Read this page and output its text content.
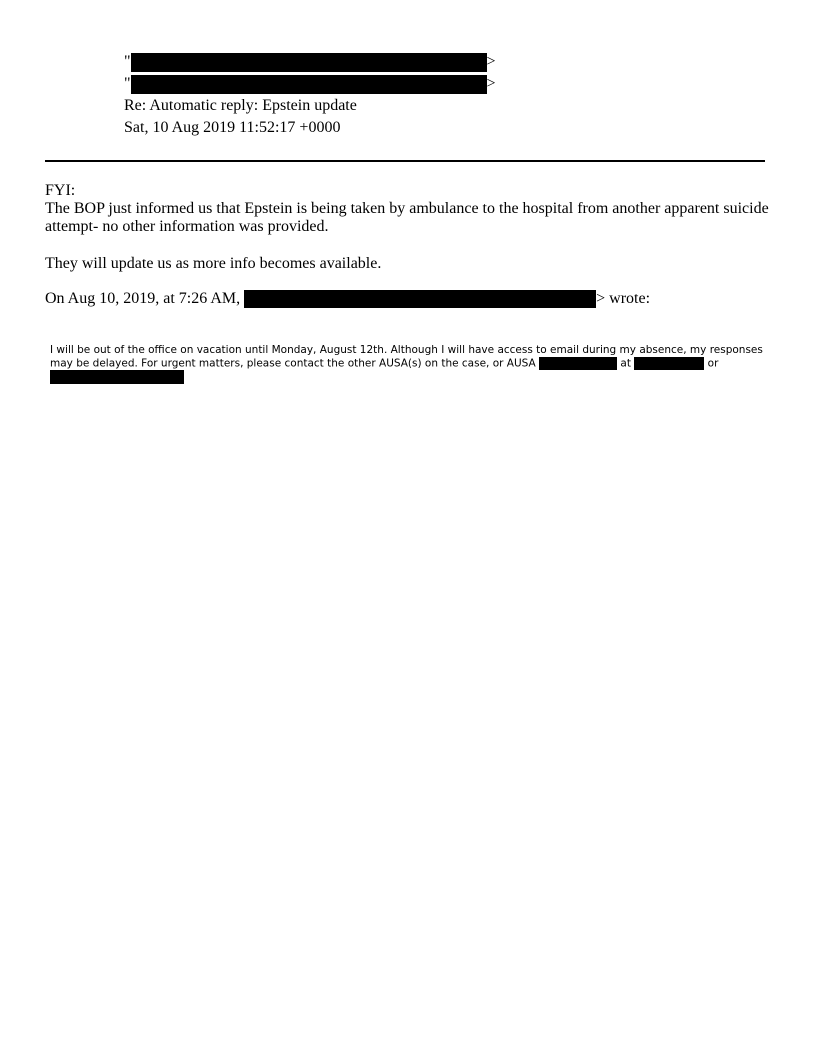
"	>
"	>
Re: Automatic reply: Epstein update
Sat, 10 Aug 2019 11:52:17 +0000
FYI:
The BOP just informed us that Epstein is being taken by ambulance to the hospital from another apparent suicide attempt- no other information was provided.
They will update us as more info becomes available.
On Aug 10, 2019, at 7:26 AM,	> wrote:
I will be out of the office on vacation until Monday, August 12th. Although I will have access to email during my absence, my responses may be delayed. For urgent matters, please contact the other AUSA(s) on the case, or AUSA	at	or
